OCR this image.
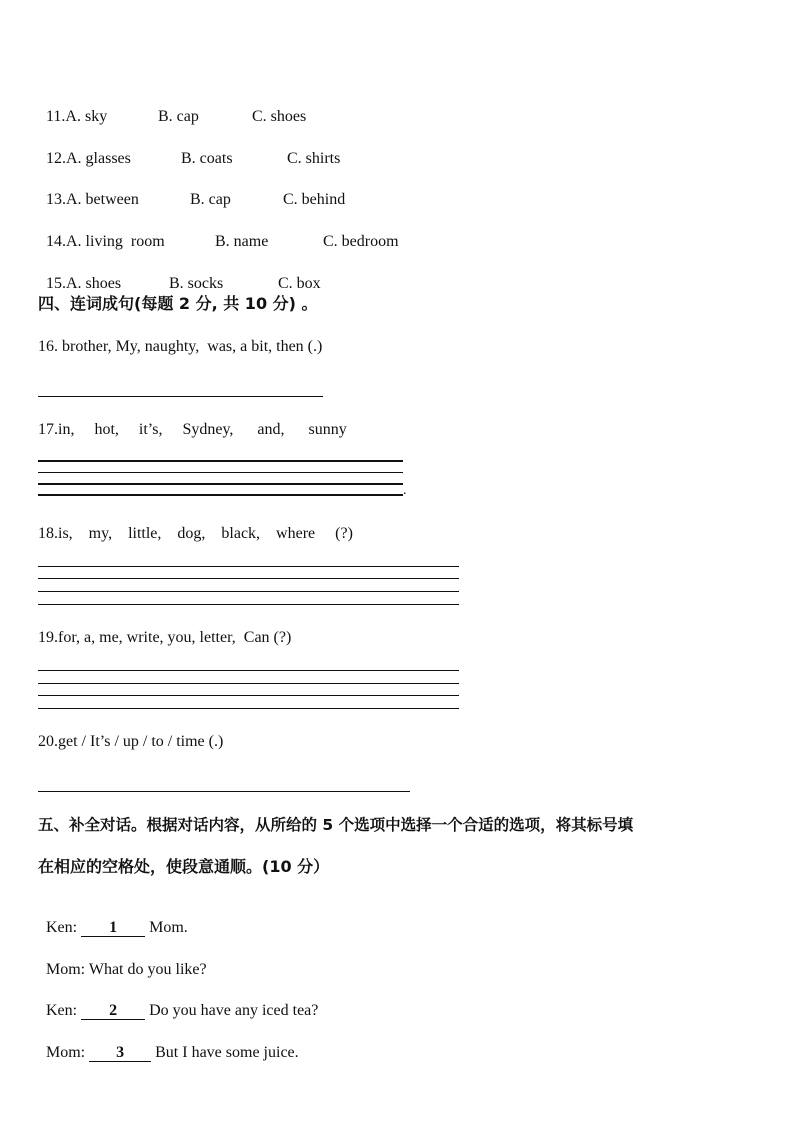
11.A. sky	B. cap	C. shoes

12.A. glasses	B. coats	C. shirts

13.A. between	B. cap	C. behind

14.A. living  room	B. name	C. bedroom

15.A. shoes	B. socks	C. box

四、连词成句(每题 2 分, 共 10 分) 。
16. brother, My, naughty,  was, a bit, then (.)
17.in,     hot,     it’s,     Sydney,      and,      sunny
.
18.is,    my,    little,    dog,    black,    where     (?)
19.for, a, me, write, you, letter,  Can (?)
20.get / It’s / up / to / time (.)
五、补全对话。根据对话内容，从所给的 5 个选项中选择一个合适的选项，将其标号填
在相应的空格处，使段意通顺。(10 分）

Ken: 1 Mom.

Mom: What do you like?

Ken: 2 Do you have any iced tea?

Mom: 3 But I have some juice.
